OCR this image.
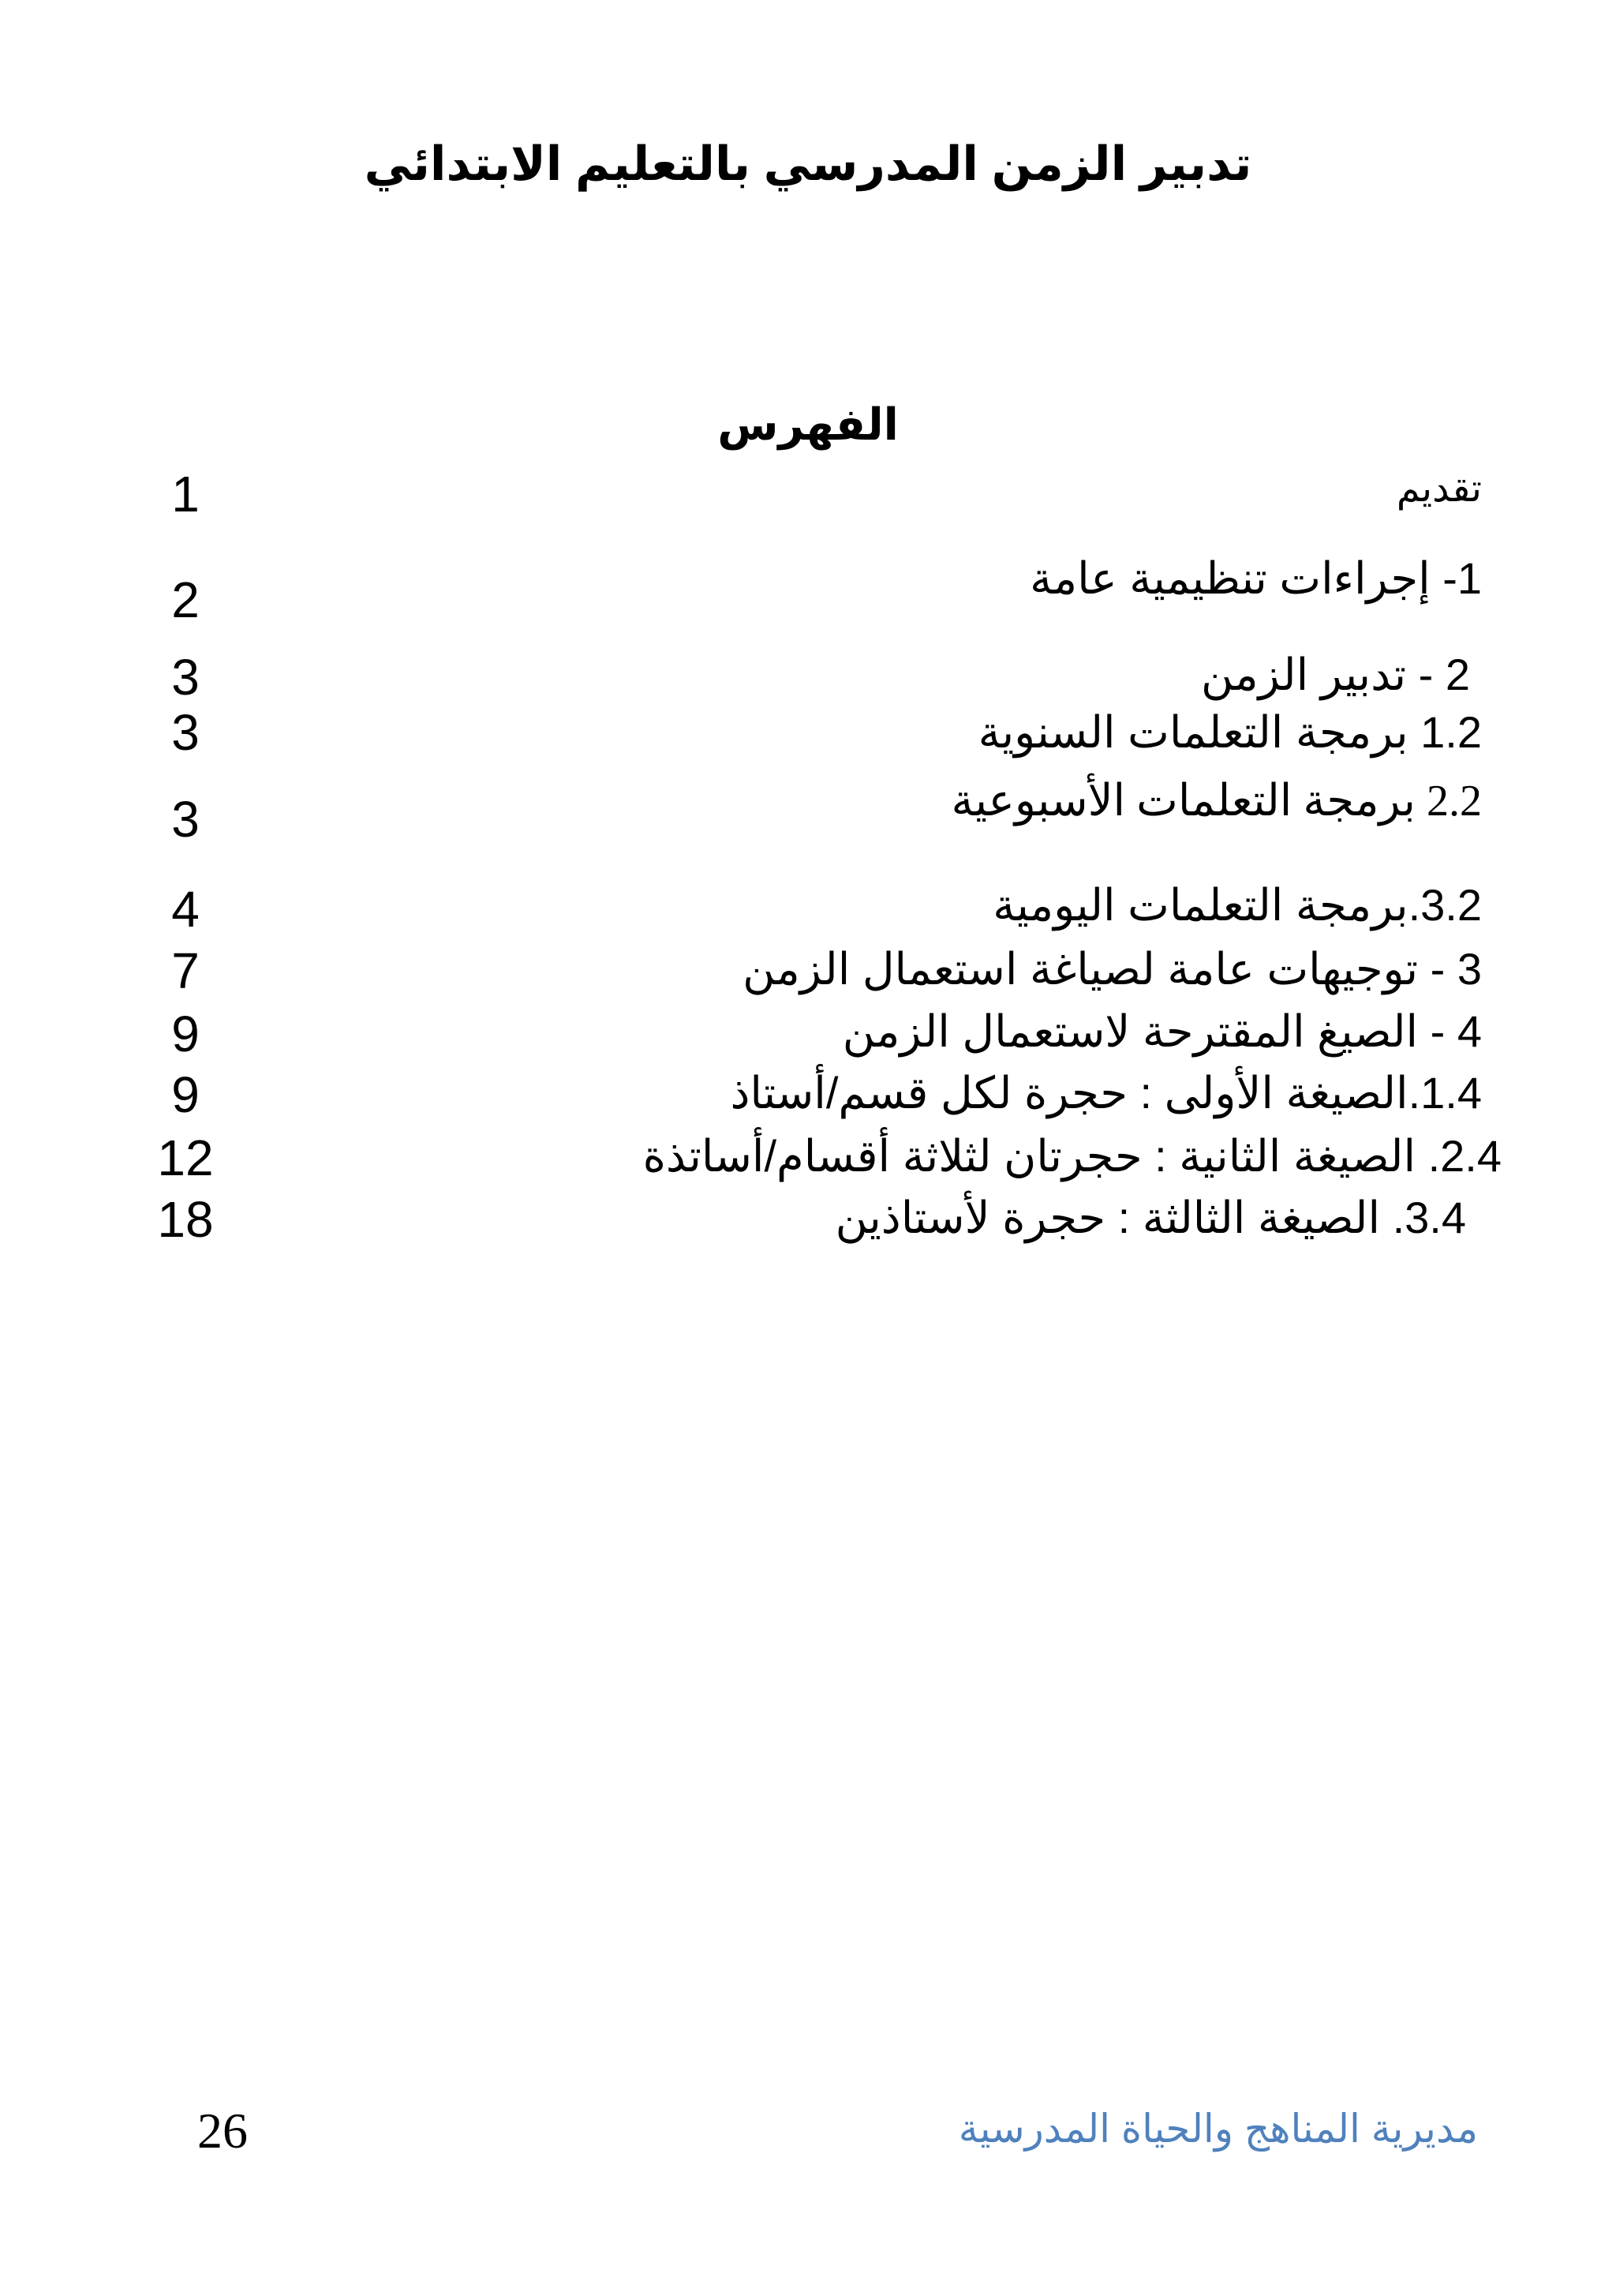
تدبير الزمن المدرسي بالتعليم الابتدائي
الفهرس
تقديم
1
1- إجراءات تنظيمية عامة
2
2 - تدبير الزمن
3
1.2 برمجة التعلمات السنوية
3
2.2 برمجة التعلمات الأسبوعية
3
3.2.برمجة التعلمات اليومية
4
3 - توجيهات عامة لصياغة استعمال الزمن
7
4 - الصيغ المقترحة لاستعمال الزمن
9
1.4.الصيغة الأولى : حجرة لكل قسم/أستاذ
9
2.4. الصيغة الثانية : حجرتان لثلاثة أقسام/أساتذة
12
3.4. الصيغة الثالثة : حجرة لأستاذين
18
26	مديرية المناهج والحياة المدرسية
